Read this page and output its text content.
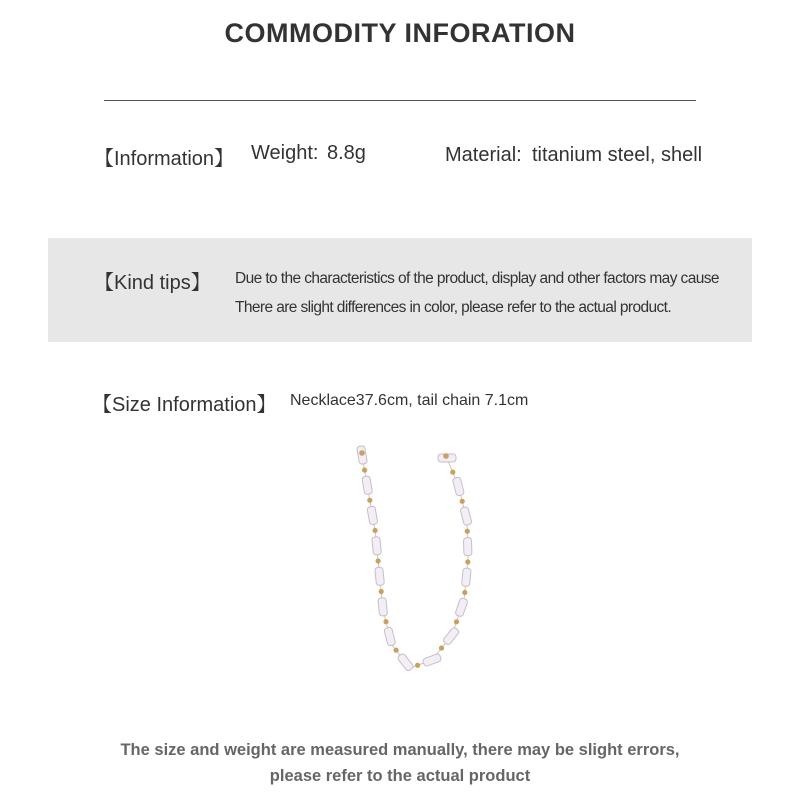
COMMODITY INFORATION
【Information】 Weight: 8.8g	Material: titanium steel, shell
【Kind tips】 Due to the characteristics of the product, display and other factors may cause
There are slight differences in color, please refer to the actual product.
【Size Information】 Necklace37.6cm, tail chain 7.1cm
The size and weight are measured manually, there may be slight errors,
please refer to the actual product
